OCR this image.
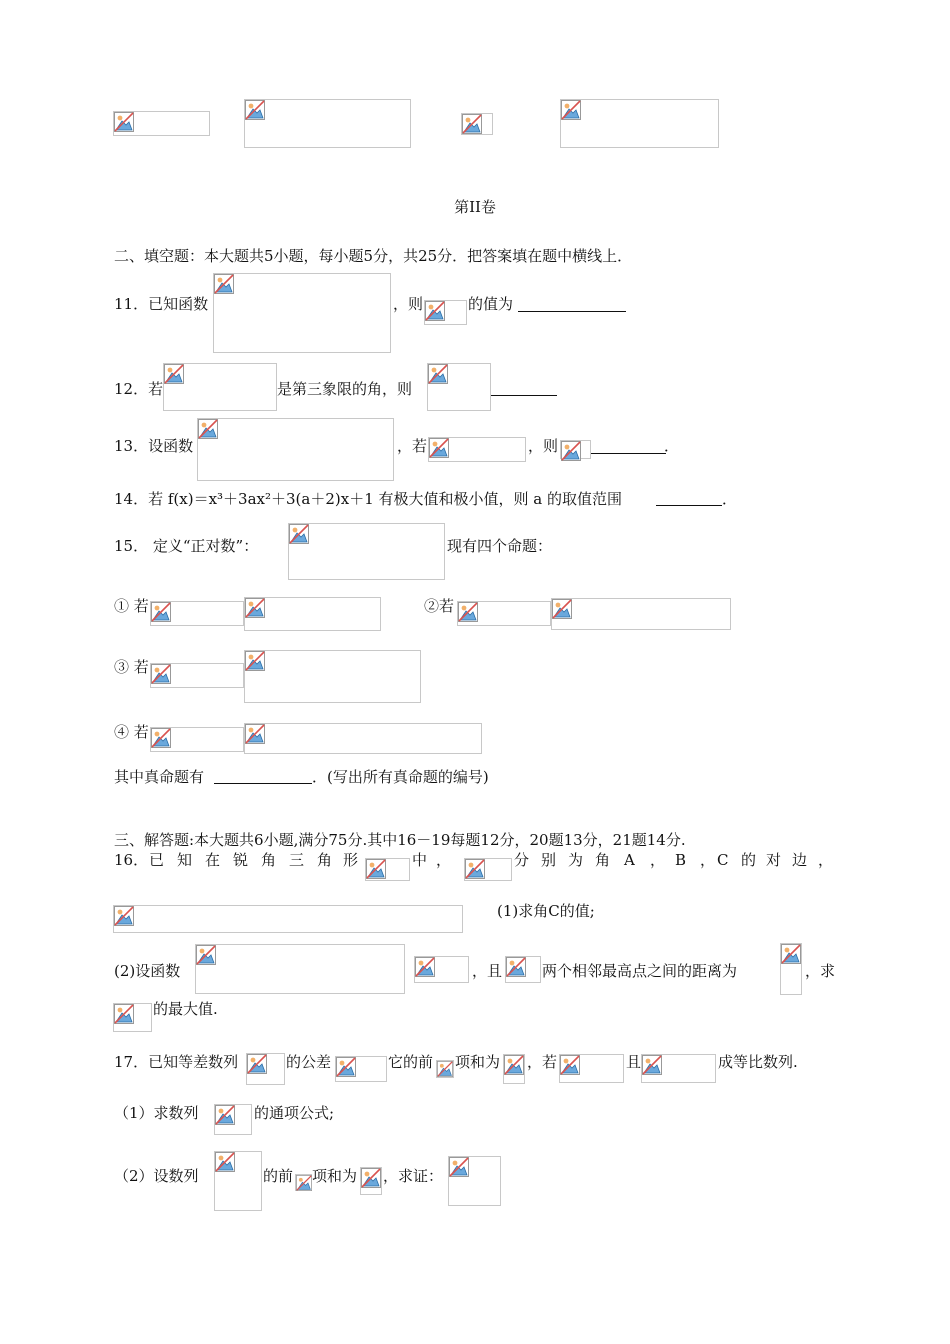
第II卷
二、填空题：本大题共5小题，每小题5分，共25分．把答案填在题中横线上．
11．已知函数	，则	的值为
12．若	是第三象限的角，则
13．设函数	，若	，则	．
14．若 f(x)＝x³＋3ax²＋3(a＋2)x＋1 有极大值和极小值，则 a 的取值范围	．
15． 定义“正对数”：	现有四个命题：
① 若	②若
③ 若
④ 若
其中真命题有	．(写出所有真命题的编号)
三、解答题:本大题共6小题,满分75分.其中16－19每题12分，20题13分，21题14分.
16． 已 知 在 锐 角 三 角 形	中 ，	分 别 为 角 A ， B ， C 的 对 边 ，
(1)求角C的值;
(2)设函数	，且	两个相邻最高点之间的距离为	，求
的最大值.
17．已知等差数列	的公差	它的前 项和为 ，若	且	成等比数列.
（1）求数列	的通项公式;
（2）设数列	的前 项和为 ，求证：
